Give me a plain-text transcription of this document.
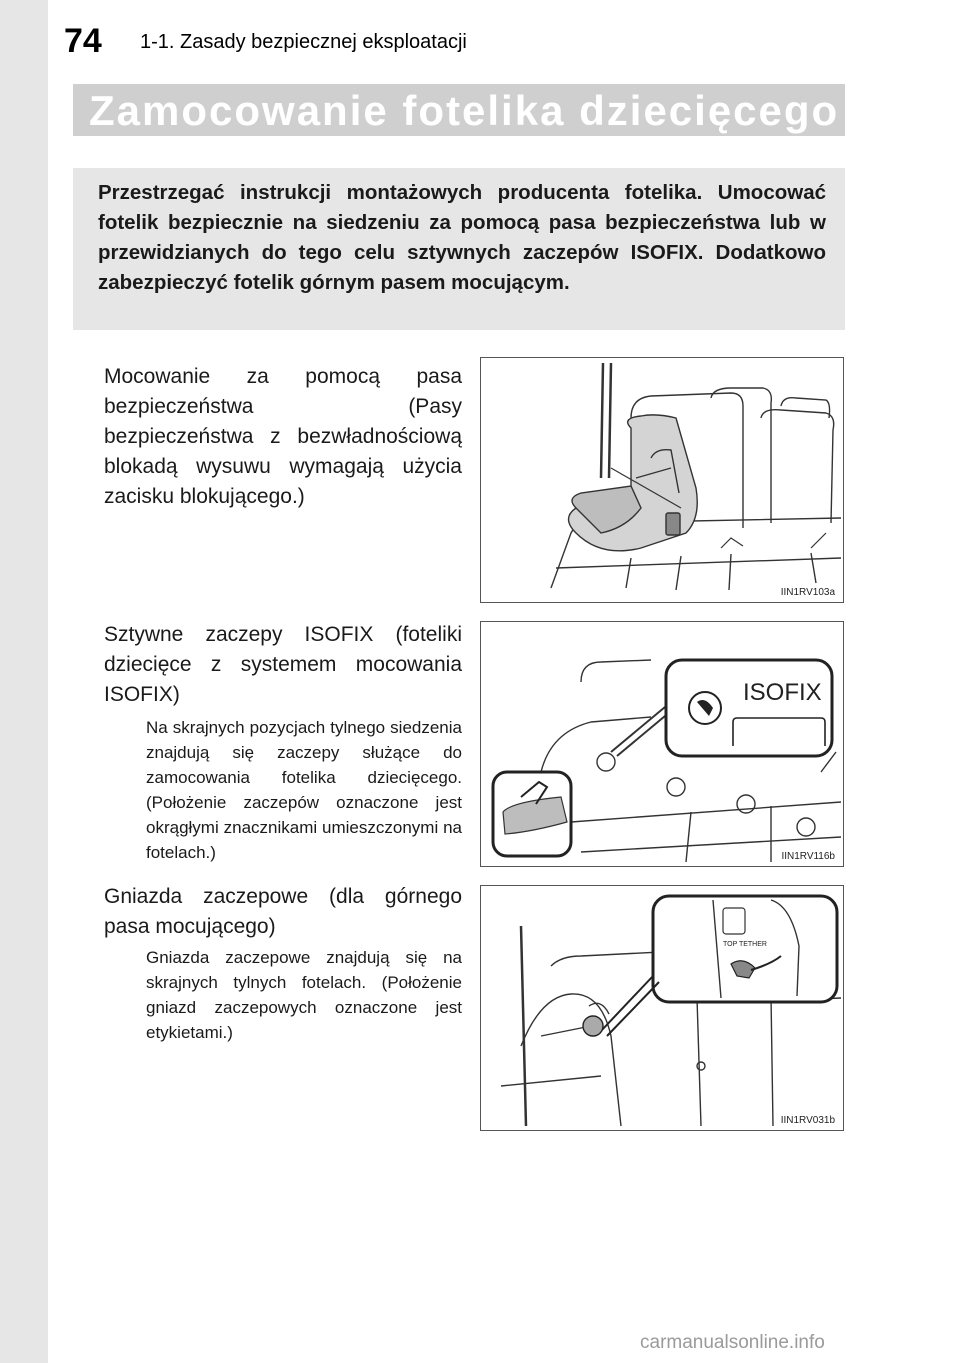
74 1-1. Zasady bezpiecznej eksploatacji
Zamocowanie fotelika dziecięcego
Przestrzegać instrukcji montażowych producenta fotelika. Umocować fotelik bezpiecznie na siedzeniu za pomocą pasa bezpieczeństwa lub w przewidzianych do tego celu sztywnych zaczepów ISOFIX. Dodatkowo zabezpieczyć fotelik górnym pasem mocującym.
Mocowanie za pomocą pasa bezpieczeństwa (Pasy bezpieczeństwa z bezwładnościową blokadą wysuwu wymagają użycia zacisku blokującego.)
IIN1RV103a
Sztywne zaczepy ISOFIX (foteliki dziecięce z systemem mocowania ISOFIX)
Na skrajnych pozycjach tylnego siedzenia znajdują się zaczepy służące do zamocowania fotelika dziecięcego. (Położenie zaczepów oznaczone jest okrągłymi znacznikami umieszczonymi na fotelach.)
ISOFIX
IIN1RV116b
Gniazda zaczepowe (dla górnego pasa mocującego)
Gniazda zaczepowe znajdują się na skrajnych tylnych fotelach. (Położenie gniazd zaczepowych oznaczone jest etykietami.)
TOP TETHER
IIN1RV031b
carmanualsonline.info
